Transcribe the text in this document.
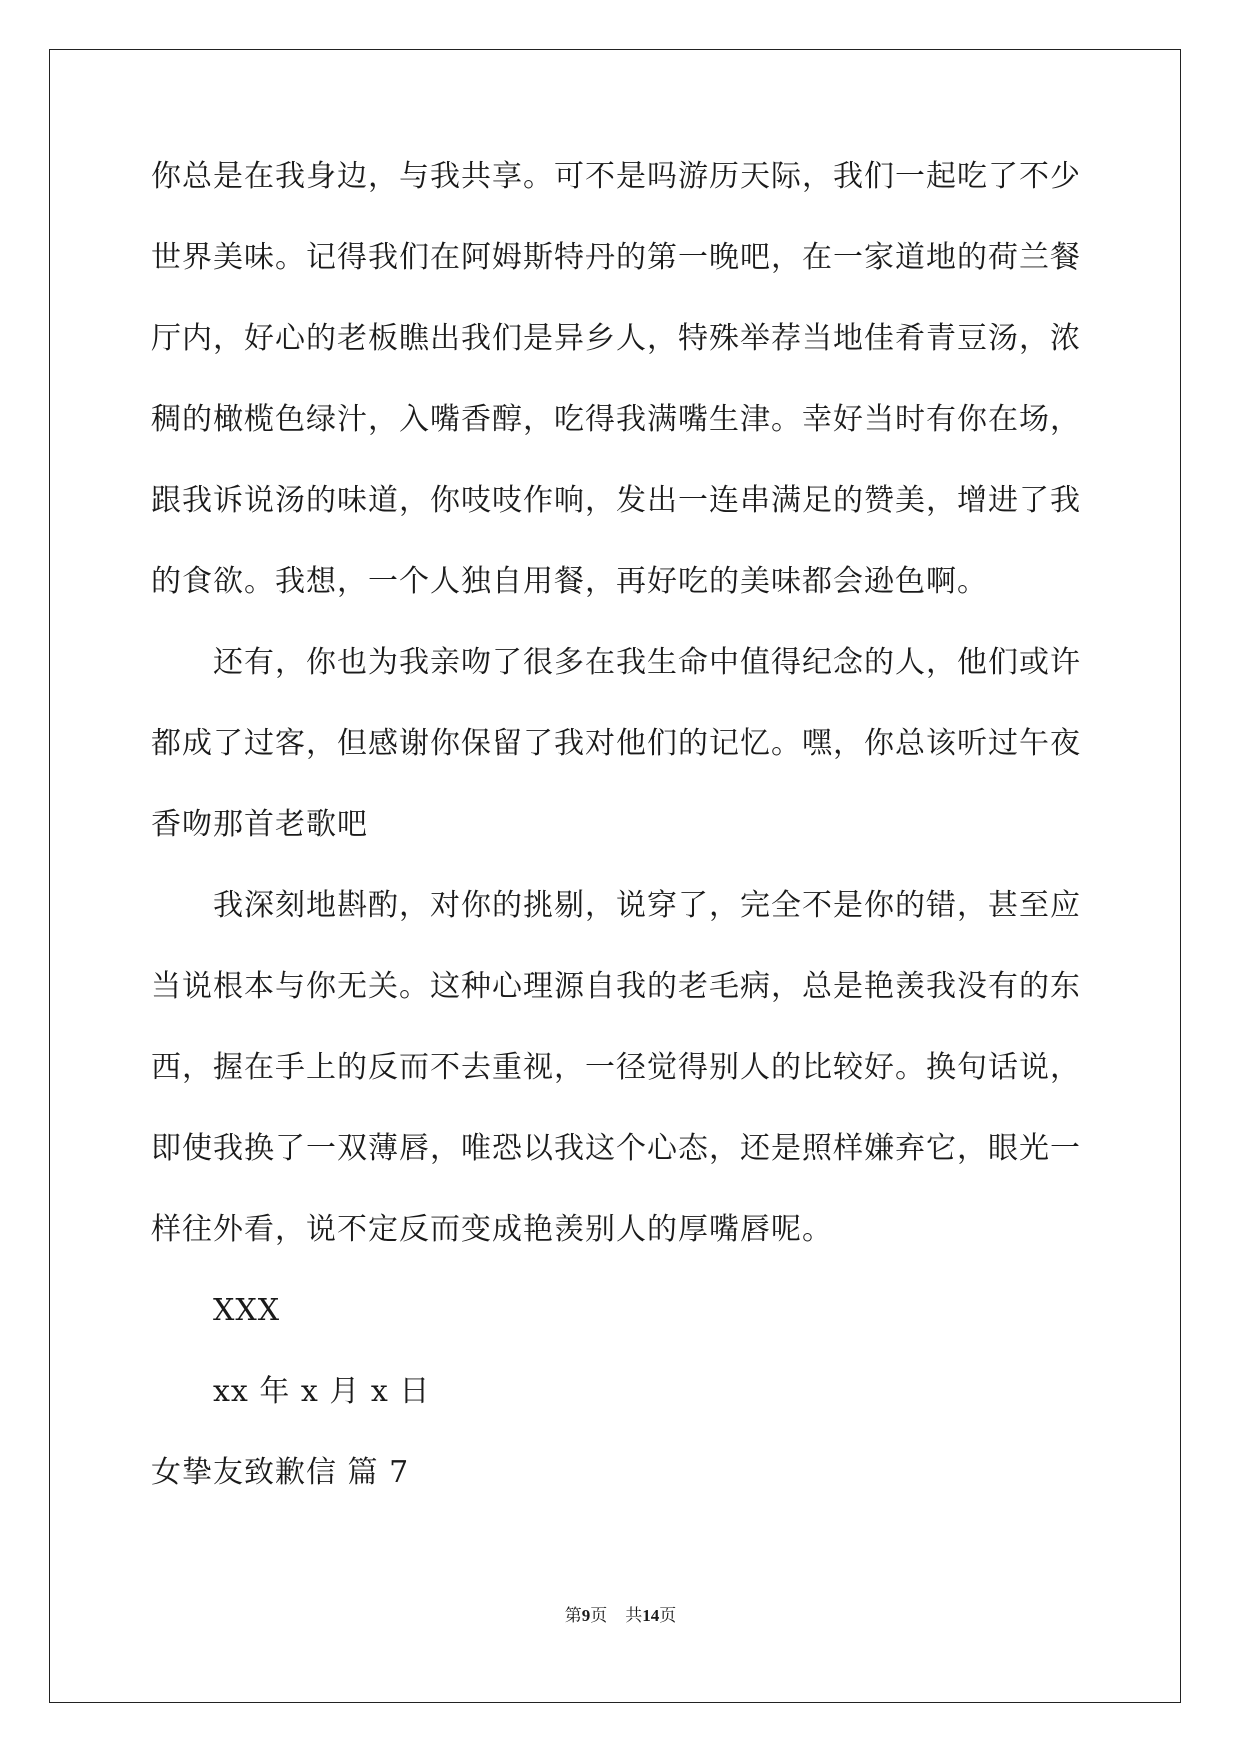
你总是在我身边，与我共享。可不是吗游历天际，我们一起吃了不少
世界美味。记得我们在阿姆斯特丹的第一晚吧，在一家道地的荷兰餐
厅内，好心的老板瞧出我们是异乡人，特殊举荐当地佳肴青豆汤，浓
稠的橄榄色绿汁，入嘴香醇，吃得我满嘴生津。幸好当时有你在场，
跟我诉说汤的味道，你吱吱作响，发出一连串满足的赞美，增进了我
的食欲。我想，一个人独自用餐，再好吃的美味都会逊色啊。
还有，你也为我亲吻了很多在我生命中值得纪念的人，他们或许
都成了过客，但感谢你保留了我对他们的记忆。嘿，你总该听过午夜
香吻那首老歌吧
我深刻地斟酌，对你的挑剔，说穿了，完全不是你的错，甚至应
当说根本与你无关。这种心理源自我的老毛病，总是艳羡我没有的东
西，握在手上的反而不去重视，一径觉得别人的比较好。换句话说，
即使我换了一双薄唇，唯恐以我这个心态，还是照样嫌弃它，眼光一
样往外看，说不定反而变成艳羡别人的厚嘴唇呢。
XXX
xx 年 x 月 x 日
女挚友致歉信 篇 7
第9页 共14页
